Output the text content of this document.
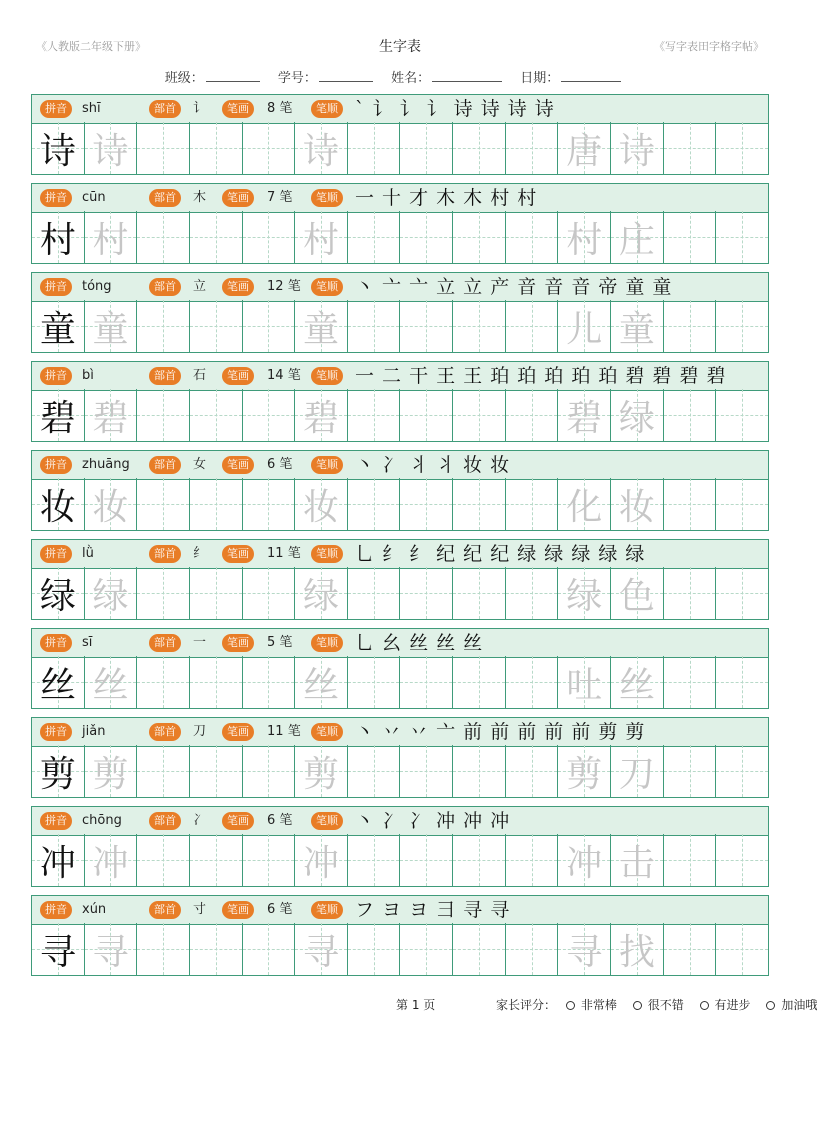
《人教版二年级下册》	生字表	《写字表田字格字帖》
班级：	学号：	姓名：	日期：
拼音	shī	部首	讠	笔画	8 笔	笔顺 ` 讠 讠 讠 诗 诗 诗 诗
诗 诗	诗	唐 诗
拼音	cūn	部首	木	笔画	7 笔	笔顺 一 十 才 木 木 村 村
村 村	村	村 庄
拼音	tóng	部首	立	笔画	12 笔	笔顺 丶 亠 亠 立 立 产 音 音 音 帝 童 童
童 童	童	儿 童
拼音	bì	部首	石	笔画	14 笔	笔顺 一 二 干 王 王 珀 珀 珀 珀 珀 碧 碧 碧 碧
碧 碧	碧	碧 绿
拼音	zhuāng	部首	女	笔画	6 笔	笔顺 丶 冫 丬 丬 妆 妆
妆 妆	妆	化 妆
拼音	lǜ	部首	纟	笔画	11 笔	笔顺 乚 纟 纟 纪 纪 纪 绿 绿 绿 绿 绿
绿 绿	绿	绿 色
拼音	sī	部首	一	笔画	5 笔	笔顺 乚 幺 丝 丝 丝
丝 丝	丝	吐 丝
拼音	jiǎn	部首	刀	笔画	11 笔	笔顺 丶 丷 丷 亠 前 前 前 前 前 剪 剪
剪 剪	剪	剪 刀
拼音	chōng	部首	冫	笔画	6 笔	笔顺 丶 冫 冫 冲 冲 冲
冲 冲	冲	冲 击
拼音	xún	部首	寸	笔画	6 笔	笔顺 フ ヨ ヨ 彐 寻 寻
寻 寻	寻	寻 找
第 1 页	家长评分： 非常棒	很不错	有进步	加油哦
